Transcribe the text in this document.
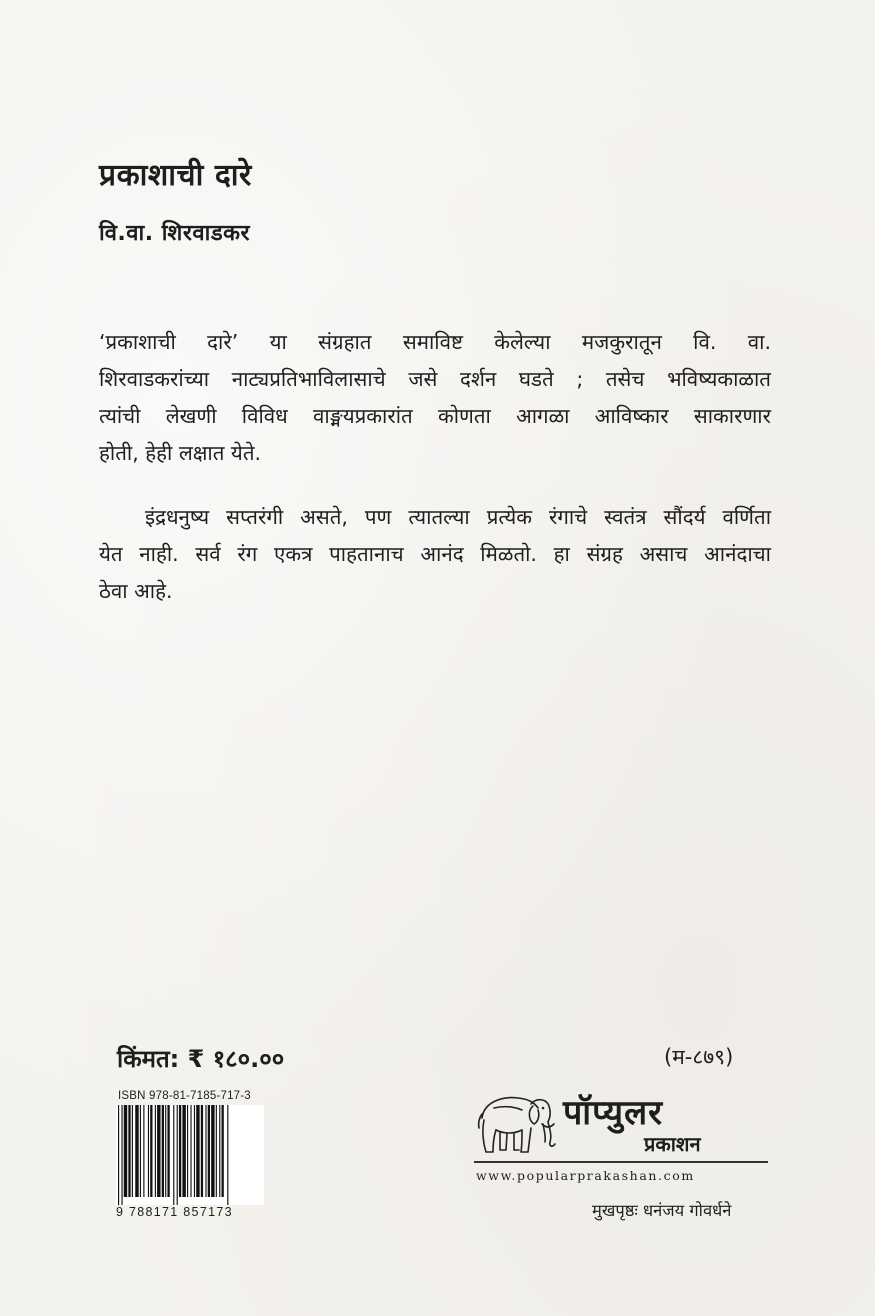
प्रकाशाची दारे
वि.वा. शिरवाडकर
‘प्रकाशाची दारे’ या संग्रहात समाविष्ट केलेल्या मजकुरातून वि. वा.
शिरवाडकरांच्या नाट्यप्रतिभाविलासाचे जसे दर्शन घडते ; तसेच भविष्यकाळात
त्यांची लेखणी विविध वाङ्मयप्रकारांत कोणता आगळा आविष्कार साकारणार
होती, हेही लक्षात येते.
इंद्रधनुष्य सप्तरंगी असते, पण त्यातल्या प्रत्येक रंगाचे स्वतंत्र सौंदर्य वर्णिता
येत नाही. सर्व रंग एकत्र पाहतानाच आनंद मिळतो. हा संग्रह असाच आनंदाचा
ठेवा आहे.
किंमत: ₹ १८०.००	(म-८७९)
ISBN 978-81-7185-717-3
9 788171 857173
पॉप्युलर
प्रकाशन
www.popularprakashan.com
मुखपृष्ठः धनंजय गोवर्धने
